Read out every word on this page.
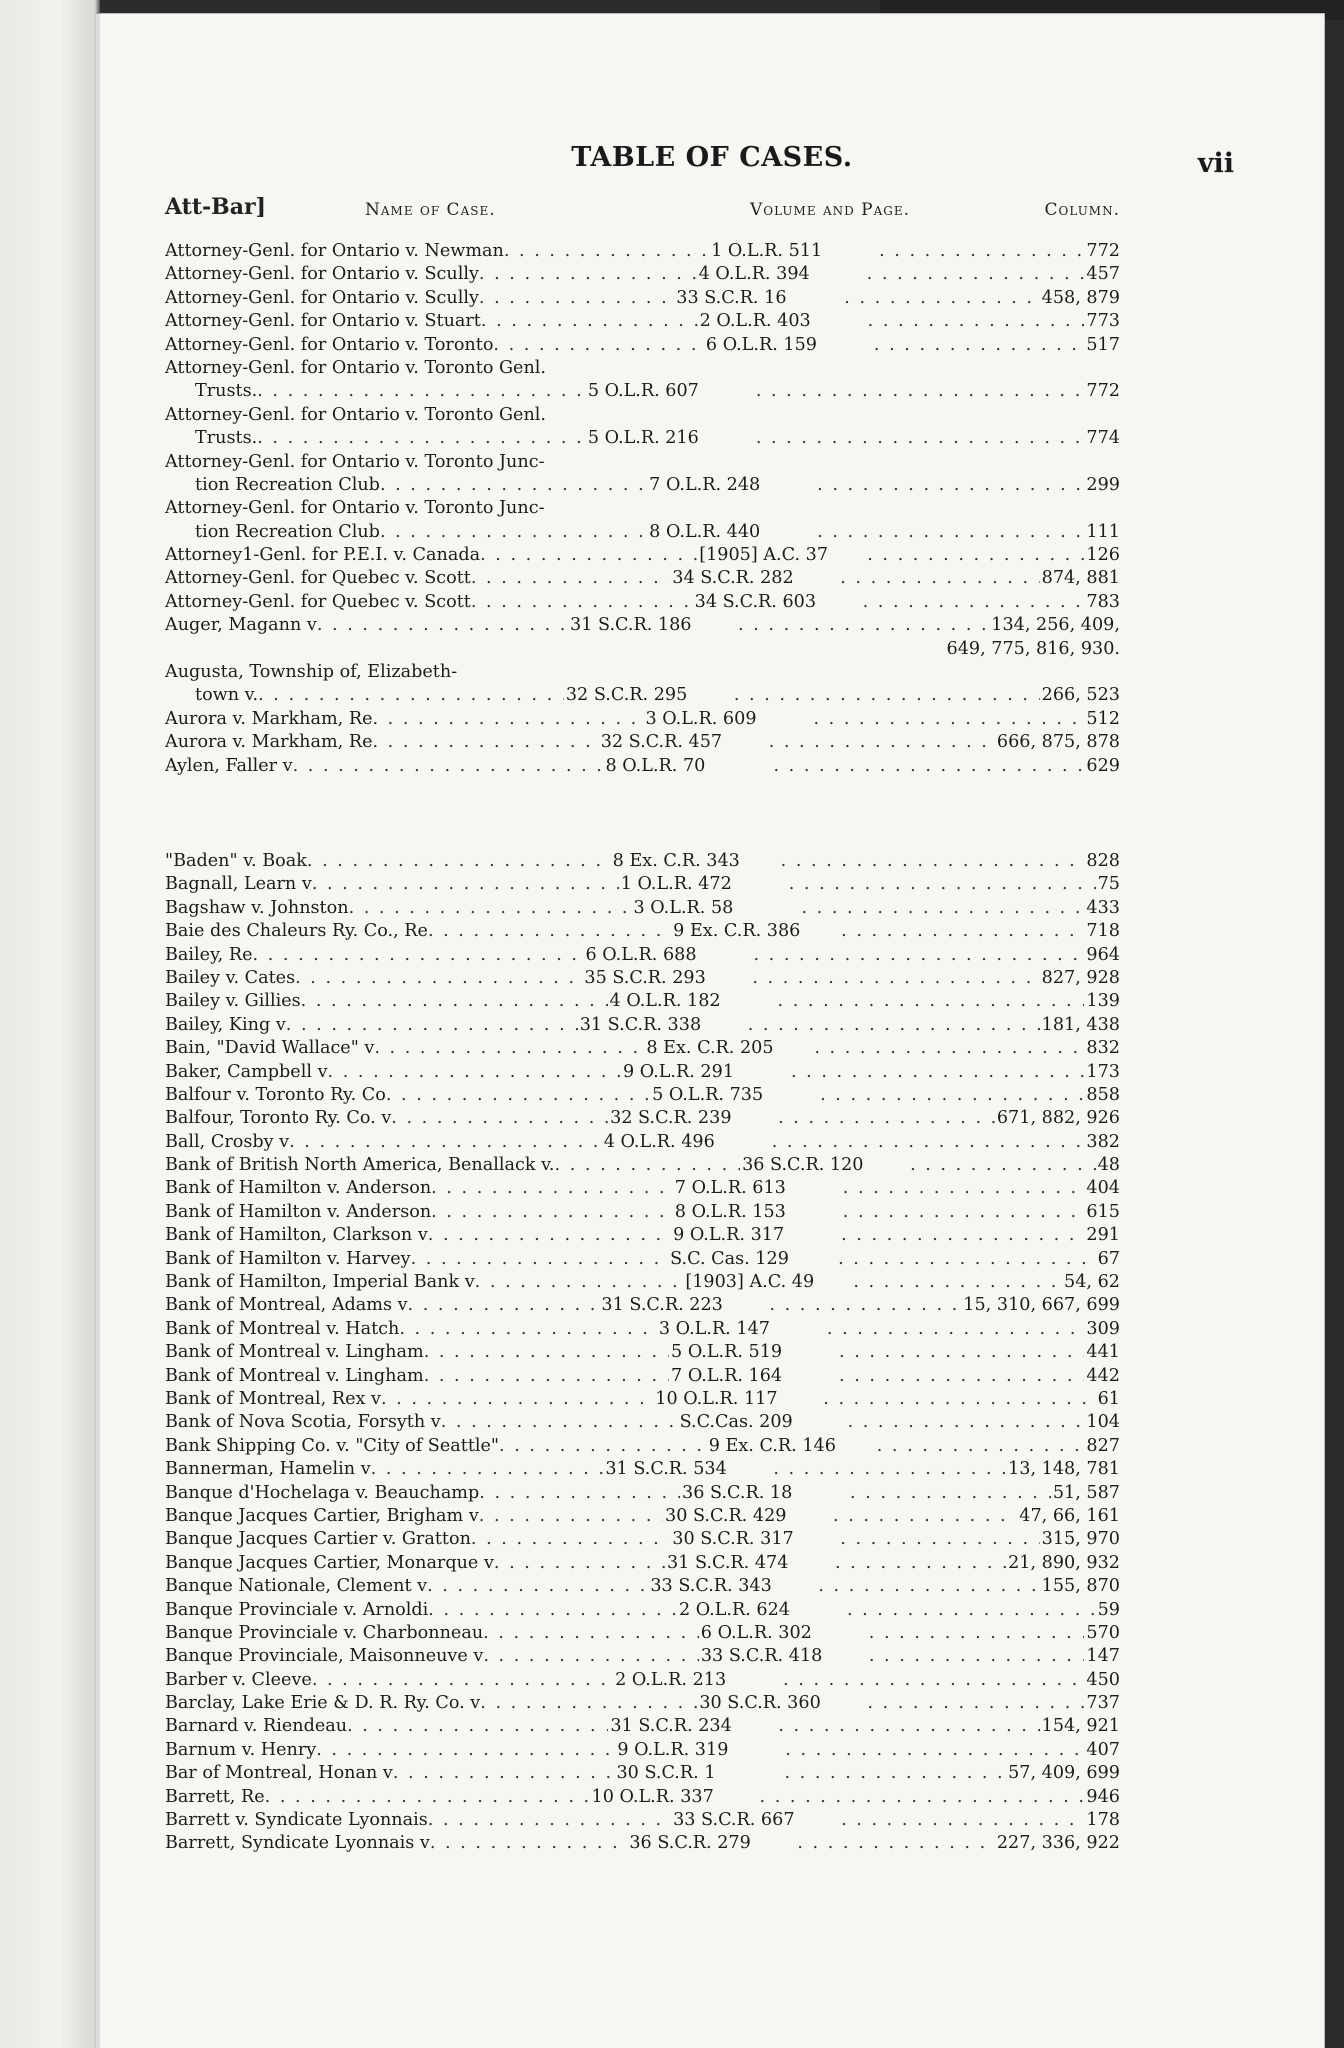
TABLE OF CASES.	vii
Att-Bar]	Name of Case.	Volume and Page.	Column.
Attorney-Genl. for Ontario v. Newman . . .	1 O.L.R. 511 . . .	772
Attorney-Genl. for Ontario v. Scully . . .	4 O.L.R. 394 . . .	457
Attorney-Genl. for Ontario v. Scully . . .	33 S.C.R. 16 . . .	458, 879
Attorney-Genl. for Ontario v. Stuart . . .	2 O.L.R. 403 . . .	773
Attorney-Genl. for Ontario v. Toronto . . .	6 O.L.R. 159 . . .	517
Attorney-Genl. for Ontario v. Toronto Genl.
Trusts. . . .	5 O.L.R. 607 . . .	772
Attorney-Genl. for Ontario v. Toronto Genl.
Trusts. . . .	5 O.L.R. 216 . . .	774
Attorney-Genl. for Ontario v. Toronto Junc-
tion Recreation Club . . .	7 O.L.R. 248 . . .	299
Attorney-Genl. for Ontario v. Toronto Junc-
tion Recreation Club . . .	8 O.L.R. 440 . . .	111
Attorney1-Genl. for P.E.I. v. Canada . . .	[1905] A.C. 37 . . .	126
Attorney-Genl. for Quebec v. Scott . . .	34 S.C.R. 282 . . .	874, 881
Attorney-Genl. for Quebec v. Scott . . .	34 S.C.R. 603 . . .	783
Auger, Magann v . . .	31 S.C.R. 186 . . .	134, 256, 409,
649, 775, 816, 930.
Augusta, Township of, Elizabeth-
town v. . . .	32 S.C.R. 295 . . .	266, 523
Aurora v. Markham, Re . . .	3 O.L.R. 609 . . .	512
Aurora v. Markham, Re . . .	32 S.C.R. 457 . . .	666, 875, 878
Aylen, Faller v . . .	8 O.L.R. 70 . . .	629
"Baden" v. Boak . . .	8 Ex. C.R. 343 . . .	828
Bagnall, Learn v . . .	1 O.L.R. 472 . . .	75
Bagshaw v. Johnston . . .	3 O.L.R. 58 . . .	433
Baie des Chaleurs Ry. Co., Re . . .	9 Ex. C.R. 386 . . .	718
Bailey, Re . . .	6 O.L.R. 688 . . .	964
Bailey v. Cates . . .	35 S.C.R. 293 . . .	827, 928
Bailey v. Gillies . . .	4 O.L.R. 182 . . .	139
Bailey, King v . . .	31 S.C.R. 338 . . .	181, 438
Bain, "David Wallace" v . . .	8 Ex. C.R. 205 . . .	832
Baker, Campbell v . . .	9 O.L.R. 291 . . .	173
Balfour v. Toronto Ry. Co . . .	5 O.L.R. 735 . . .	858
Balfour, Toronto Ry. Co. v . . .	32 S.C.R. 239 . . .	671, 882, 926
Ball, Crosby v . . .	4 O.L.R. 496 . . .	382
Bank of British North America, Benallack v. . . .	36 S.C.R. 120 . . .	48
Bank of Hamilton v. Anderson . . .	7 O.L.R. 613 . . .	404
Bank of Hamilton v. Anderson . . .	8 O.L.R. 153 . . .	615
Bank of Hamilton, Clarkson v . . .	9 O.L.R. 317 . . .	291
Bank of Hamilton v. Harvey . . .	S.C. Cas. 129 . . .	67
Bank of Hamilton, Imperial Bank v . . .	[1903] A.C. 49 . . .	54, 62
Bank of Montreal, Adams v . . .	31 S.C.R. 223 . . .	15, 310, 667, 699
Bank of Montreal v. Hatch . . .	3 O.L.R. 147 . . .	309
Bank of Montreal v. Lingham . . .	5 O.L.R. 519 . . .	441
Bank of Montreal v. Lingham . . .	7 O.L.R. 164 . . .	442
Bank of Montreal, Rex v . . .	10 O.L.R. 117 . . .	61
Bank of Nova Scotia, Forsyth v . . .	S.C.Cas. 209 . . .	104
Bank Shipping Co. v. "City of Seattle" . . .	9 Ex. C.R. 146 . . .	827
Bannerman, Hamelin v . . .	31 S.C.R. 534 . . .	13, 148, 781
Banque d'Hochelaga v. Beauchamp . . .	36 S.C.R. 18 . . .	51, 587
Banque Jacques Cartier, Brigham v . . .	30 S.C.R. 429 . . .	47, 66, 161
Banque Jacques Cartier v. Gratton . . .	30 S.C.R. 317 . . .	315, 970
Banque Jacques Cartier, Monarque v . . .	31 S.C.R. 474 . . .	21, 890, 932
Banque Nationale, Clement v . . .	33 S.C.R. 343 . . .	155, 870
Banque Provinciale v. Arnoldi . . .	2 O.L.R. 624 . . .	59
Banque Provinciale v. Charbonneau . . .	6 O.L.R. 302 . . .	570
Banque Provinciale, Maisonneuve v . . .	33 S.C.R. 418 . . .	147
Barber v. Cleeve . . .	2 O.L.R. 213 . . .	450
Barclay, Lake Erie & D. R. Ry. Co. v . . .	30 S.C.R. 360 . . .	737
Barnard v. Riendeau . . .	31 S.C.R. 234 . . .	154, 921
Barnum v. Henry . . .	9 O.L.R. 319 . . .	407
Bar of Montreal, Honan v . . .	30 S.C.R. 1 . . .	57, 409, 699
Barrett, Re . . .	10 O.L.R. 337 . . .	946
Barrett v. Syndicate Lyonnais . . .	33 S.C.R. 667 . . .	178
Barrett, Syndicate Lyonnais v . . .	36 S.C.R. 279 . . .	227, 336, 922
